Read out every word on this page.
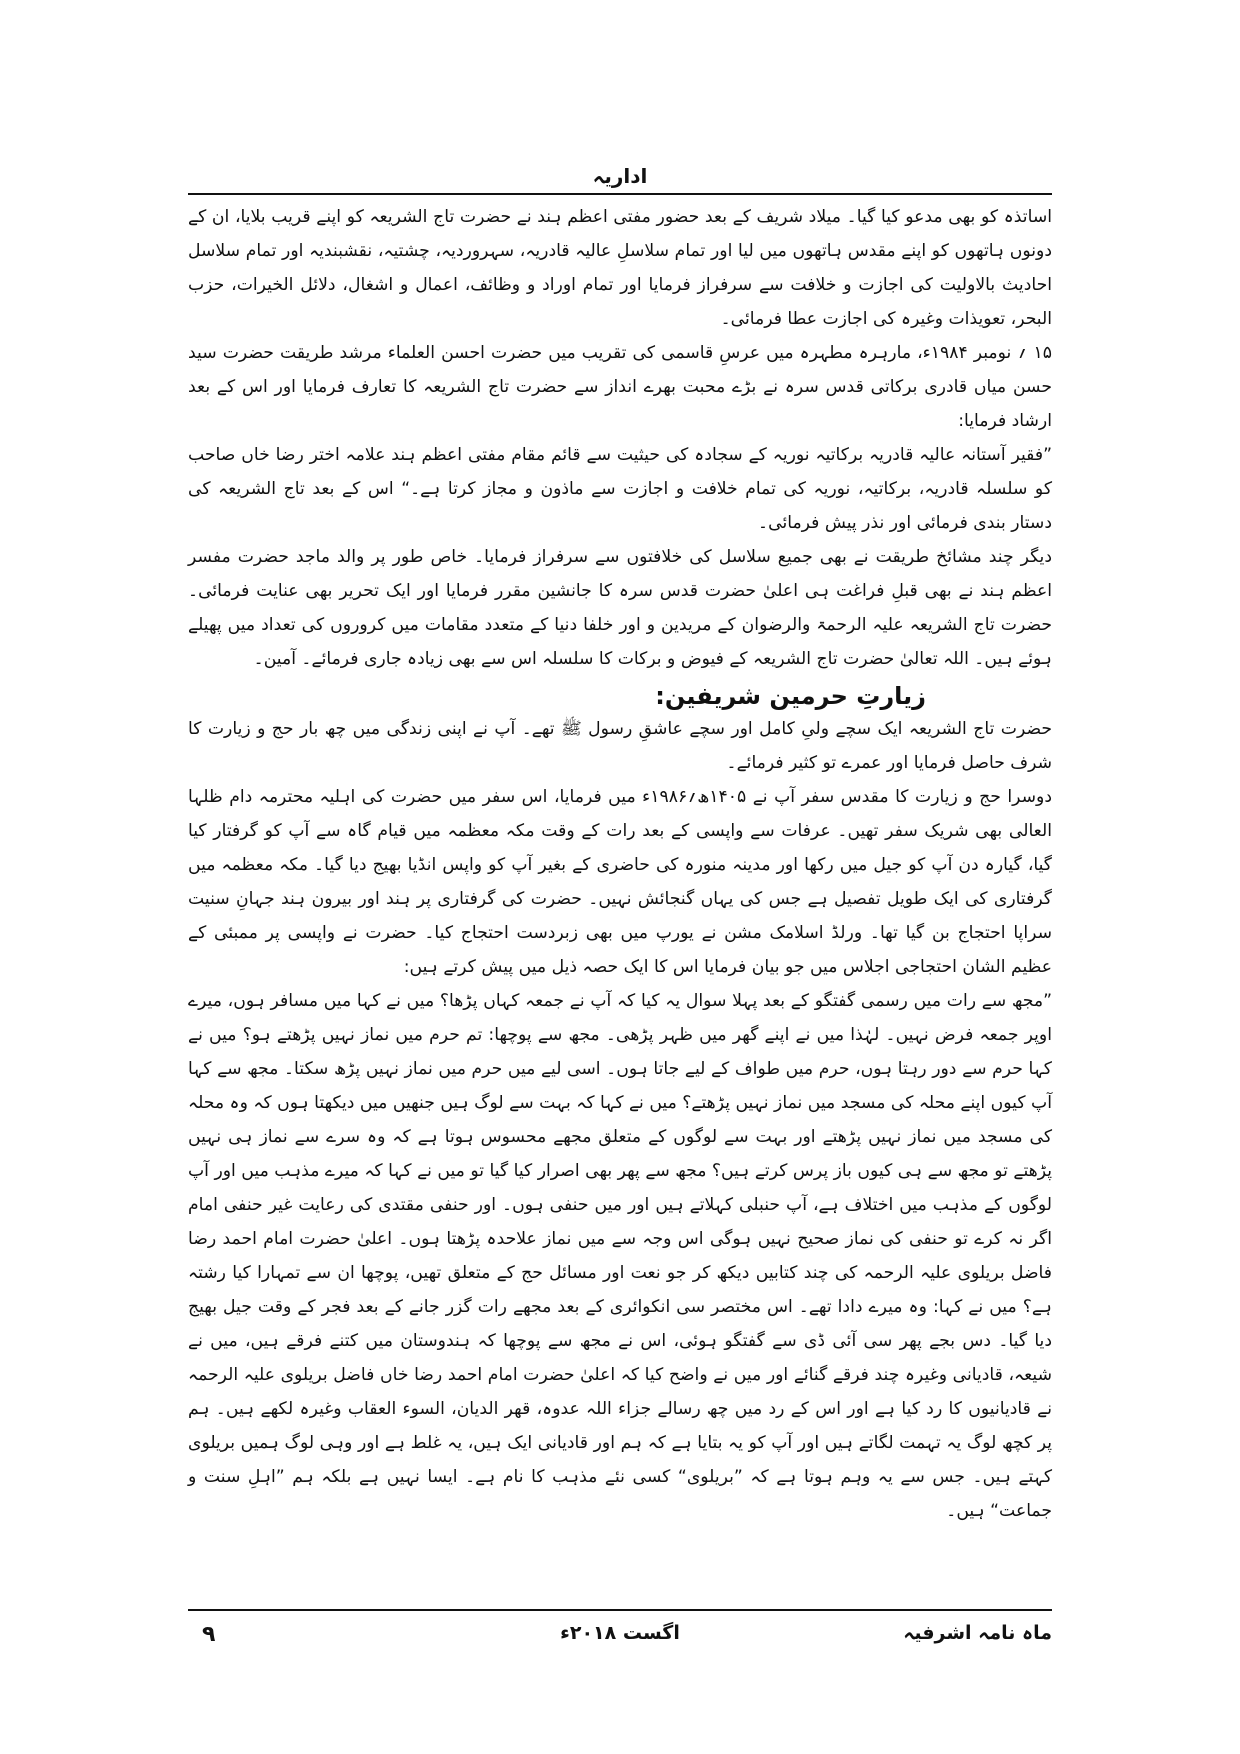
اداریہ

اساتذہ کو بھی مدعو کیا گیا۔ میلاد شریف کے بعد حضور مفتی اعظم ہند نے حضرت تاج الشریعہ کو اپنے قریب بلایا، ان کے دونوں ہاتھوں کو اپنے مقدس ہاتھوں میں لیا اور تمام سلاسلِ عالیہ قادریہ، سہروردیہ، چشتیہ، نقشبندیہ اور تمام سلاسل احادیث بالاولیت کی اجازت و خلافت سے سرفراز فرمایا اور تمام اوراد و وظائف، اعمال و اشغال، دلائل الخیرات، حزب البحر، تعویذات وغیرہ کی اجازت عطا فرمائی۔

۱۵ ؍ نومبر ۱۹۸۴ء، مارہرہ مطہرہ میں عرسِ قاسمی کی تقریب میں حضرت احسن العلماء مرشد طریقت حضرت سید حسن میاں قادری برکاتی قدس سرہ نے بڑے محبت بھرے انداز سے حضرت تاج الشریعہ کا تعارف فرمایا اور اس کے بعد ارشاد فرمایا:

”فقیر آستانہ عالیہ قادریہ برکاتیہ نوریہ کے سجادہ کی حیثیت سے قائم مقام مفتی اعظم ہند علامہ اختر رضا خاں صاحب کو سلسلہ قادریہ، برکاتیہ، نوریہ کی تمام خلافت و اجازت سے ماذون و مجاز کرتا ہے۔“ اس کے بعد تاج الشریعہ کی دستار بندی فرمائی اور نذر پیش فرمائی۔

دیگر چند مشائخ طریقت نے بھی جمیع سلاسل کی خلافتوں سے سرفراز فرمایا۔ خاص طور پر والد ماجد حضرت مفسر اعظم ہند نے بھی قبلِ فراغت ہی اعلیٰ حضرت قدس سرہ کا جانشین مقرر فرمایا اور ایک تحریر بھی عنایت فرمائی۔ حضرت تاج الشریعہ علیہ الرحمۃ والرضوان کے مریدین و اور خلفا دنیا کے متعدد مقامات میں کروروں کی تعداد میں پھیلے ہوئے ہیں۔ اللہ تعالیٰ حضرت تاج الشریعہ کے فیوض و برکات کا سلسلہ اس سے بھی زیادہ جاری فرمائے۔ آمین۔

زیارتِ حرمین شریفین:

حضرت تاج الشریعہ ایک سچے ولیِ کامل اور سچے عاشقِ رسول ﷺ تھے۔ آپ نے اپنی زندگی میں چھ بار حج و زیارت کا شرف حاصل فرمایا اور عمرے تو کثیر فرمائے۔

دوسرا حج و زیارت کا مقدس سفر آپ نے ۱۴۰۵ھ؍۱۹۸۶ء میں فرمایا، اس سفر میں حضرت کی اہلیہ محترمہ دام ظلہا العالی بھی شریک سفر تھیں۔ عرفات سے واپسی کے بعد رات کے وقت مکہ معظمہ میں قیام گاہ سے آپ کو گرفتار کیا گیا، گیارہ دن آپ کو جیل میں رکھا اور مدینہ منورہ کی حاضری کے بغیر آپ کو واپس انڈیا بھیج دیا گیا۔ مکہ معظمہ میں گرفتاری کی ایک طویل تفصیل ہے جس کی یہاں گنجائش نہیں۔ حضرت کی گرفتاری پر ہند اور بیرون ہند جہانِ سنیت سراپا احتجاج بن گیا تھا۔ ورلڈ اسلامک مشن نے یورپ میں بھی زبردست احتجاج کیا۔ حضرت نے واپسی پر ممبئی کے عظیم الشان احتجاجی اجلاس میں جو بیان فرمایا اس کا ایک حصہ ذیل میں پیش کرتے ہیں:

”مجھ سے رات میں رسمی گفتگو کے بعد پہلا سوال یہ کیا کہ آپ نے جمعہ کہاں پڑھا؟ میں نے کہا میں مسافر ہوں، میرے اوپر جمعہ فرض نہیں۔ لہٰذا میں نے اپنے گھر میں ظہر پڑھی۔ مجھ سے پوچھا: تم حرم میں نماز نہیں پڑھتے ہو؟ میں نے کہا حرم سے دور رہتا ہوں، حرم میں طواف کے لیے جاتا ہوں۔ اسی لیے میں حرم میں نماز نہیں پڑھ سکتا۔ مجھ سے کہا آپ کیوں اپنے محلہ کی مسجد میں نماز نہیں پڑھتے؟ میں نے کہا کہ بہت سے لوگ ہیں جنھیں میں دیکھتا ہوں کہ وہ محلہ کی مسجد میں نماز نہیں پڑھتے اور بہت سے لوگوں کے متعلق مجھے محسوس ہوتا ہے کہ وہ سرے سے نماز ہی نہیں پڑھتے تو مجھ سے ہی کیوں باز پرس کرتے ہیں؟ مجھ سے پھر بھی اصرار کیا گیا تو میں نے کہا کہ میرے مذہب میں اور آپ لوگوں کے مذہب میں اختلاف ہے، آپ حنبلی کہلاتے ہیں اور میں حنفی ہوں۔ اور حنفی مقتدی کی رعایت غیر حنفی امام اگر نہ کرے تو حنفی کی نماز صحیح نہیں ہوگی اس وجہ سے میں نماز علاحدہ پڑھتا ہوں۔ اعلیٰ حضرت امام احمد رضا فاضل بریلوی علیہ الرحمہ کی چند کتابیں دیکھ کر جو نعت اور مسائل حج کے متعلق تھیں، پوچھا ان سے تمہارا کیا رشتہ ہے؟ میں نے کہا: وہ میرے دادا تھے۔ اس مختصر سی انکوائری کے بعد مجھے رات گزر جانے کے بعد فجر کے وقت جیل بھیج دیا گیا۔ دس بجے پھر سی آئی ڈی سے گفتگو ہوئی، اس نے مجھ سے پوچھا کہ ہندوستان میں کتنے فرقے ہیں، میں نے شیعہ، قادیانی وغیرہ چند فرقے گنائے اور میں نے واضح کیا کہ اعلیٰ حضرت امام احمد رضا خاں فاضل بریلوی علیہ الرحمہ نے قادیانیوں کا رد کیا ہے اور اس کے رد میں چھ رسالے جزاء اللہ عدوہ، قھر الدیان، السوء العقاب وغیرہ لکھے ہیں۔ ہم پر کچھ لوگ یہ تہمت لگاتے ہیں اور آپ کو یہ بتایا ہے کہ ہم اور قادیانی ایک ہیں، یہ غلط ہے اور وہی لوگ ہمیں بریلوی کہتے ہیں۔ جس سے یہ وہم ہوتا ہے کہ ”بریلوی“ کسی نئے مذہب کا نام ہے۔ ایسا نہیں ہے بلکہ ہم ”اہلِ سنت و جماعت“ ہیں۔

ماہ نامہ اشرفیہ
اگست ۲۰۱۸ء
۹
